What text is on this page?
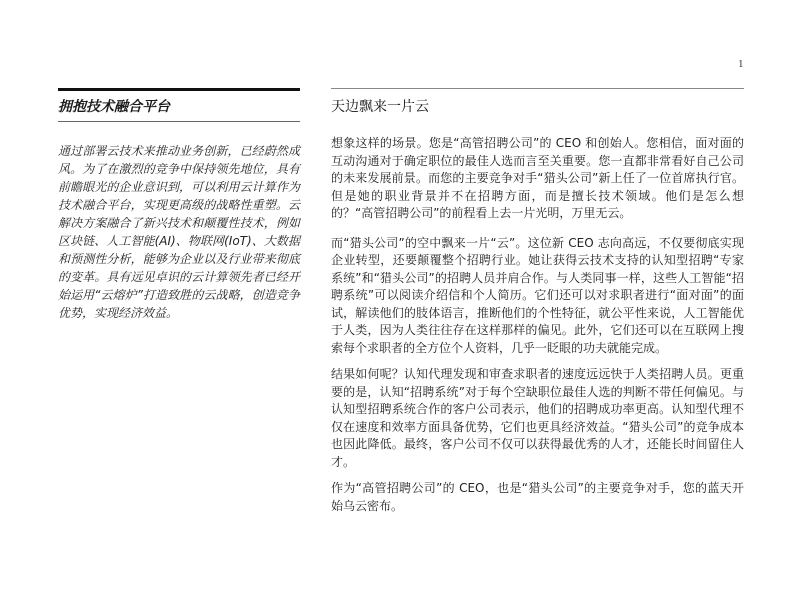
1
拥抱技术融合平台

通过部署云技术来推动业务创新，已经蔚然成风。为了在激烈的竞争中保持领先地位，具有前瞻眼光的企业意识到，可以利用云计算作为技术融合平台，实现更高级的战略性重塑。云解决方案融合了新兴技术和颠覆性技术，例如区块链、人工智能(AI)、物联网(IoT)、大数据和预测性分析，能够为企业以及行业带来彻底的变革。具有远见卓识的云计算领先者已经开始运用“云熔炉”打造致胜的云战略，创造竞争优势，实现经济效益。

天边飘来一片云

想象这样的场景。您是“高管招聘公司”的 CEO 和创始人。您相信，面对面的互动沟通对于确定职位的最佳人选而言至关重要。您一直都非常看好自己公司的未来发展前景。而您的主要竞争对手“猎头公司”新上任了一位首席执行官。但是她的职业背景并不在招聘方面，而是擅长技术领域。他们是怎么想的？“高管招聘公司”的前程看上去一片光明，万里无云。

而“猎头公司”的空中飘来一片“云”。这位新 CEO 志向高远，不仅要彻底实现企业转型，还要颠覆整个招聘行业。她让获得云技术支持的认知型招聘“专家系统”和“猎头公司”的招聘人员并肩合作。与人类同事一样，这些人工智能“招聘系统”可以阅读介绍信和个人简历。它们还可以对求职者进行“面对面”的面试，解读他们的肢体语言，推断他们的个性特征，就公平性来说，人工智能优于人类，因为人类往往存在这样那样的偏见。此外，它们还可以在互联网上搜索每个求职者的全方位个人资料，几乎一眨眼的功夫就能完成。

结果如何呢？认知代理发现和审查求职者的速度远远快于人类招聘人员。更重要的是，认知“招聘系统”对于每个空缺职位最佳人选的判断不带任何偏见。与认知型招聘系统合作的客户公司表示，他们的招聘成功率更高。认知型代理不仅在速度和效率方面具备优势，它们也更具经济效益。“猎头公司”的竞争成本也因此降低。最终，客户公司不仅可以获得最优秀的人才，还能长时间留住人才。

作为“高管招聘公司”的 CEO，也是“猎头公司”的主要竞争对手，您的蓝天开始乌云密布。
